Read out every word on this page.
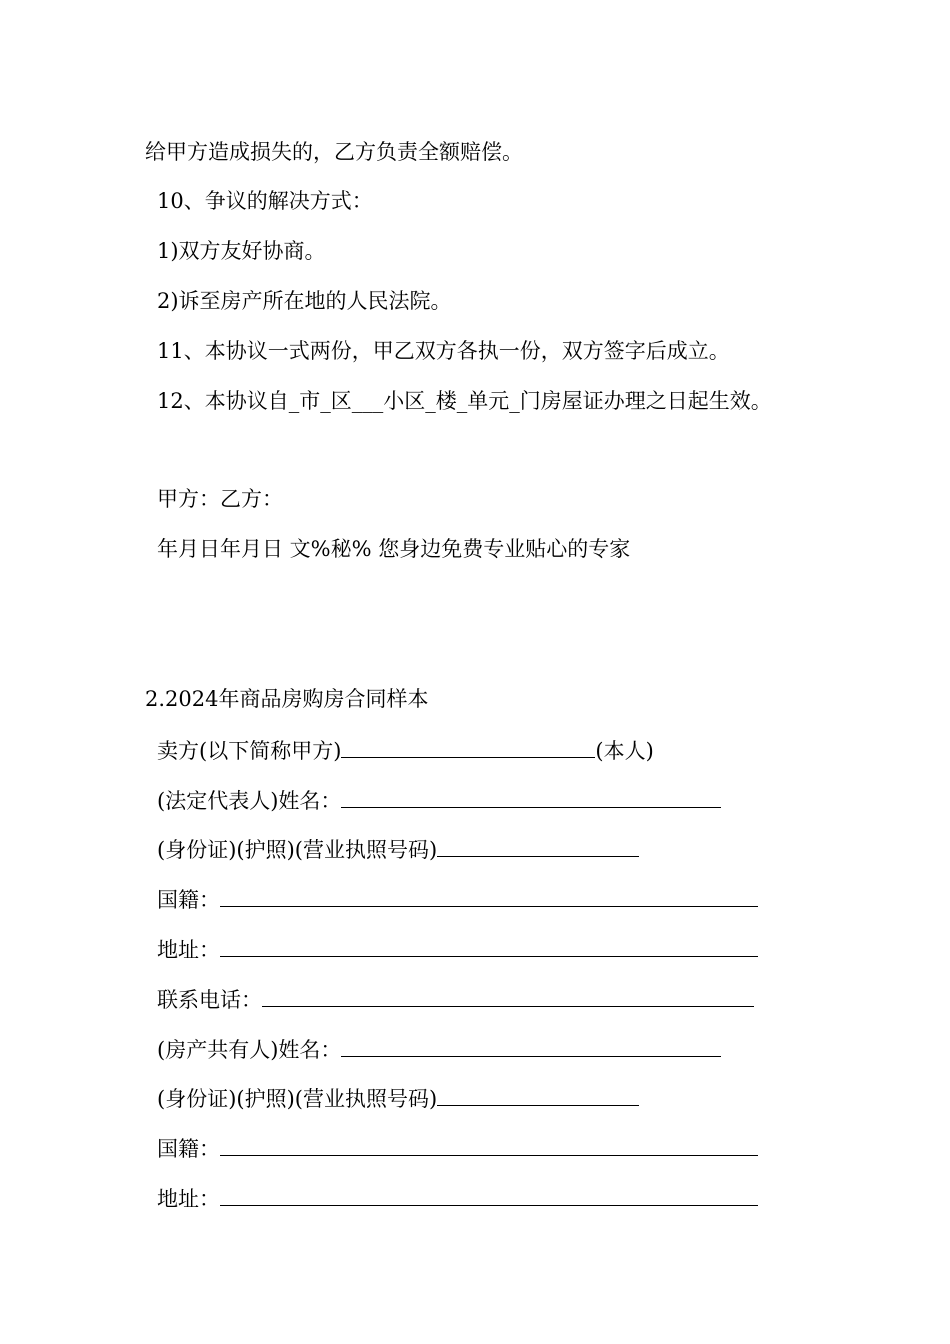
给甲方造成损失的，乙方负责全额赔偿。
10、争议的解决方式：
1)双方友好协商。
2)诉至房产所在地的人民法院。
11、本协议一式两份，甲乙双方各执一份，双方签字后成立。
12、本协议自_市_区___小区_楼_单元_门房屋证办理之日起生效。
甲方：乙方：
年月日年月日 文%秘% 您身边免费专业贴心的专家
2.2024年商品房购房合同样本
卖方(以下简称甲方)	(本人)
(法定代表人)姓名：
(身份证)(护照)(营业执照号码)
国籍：
地址：
联系电话：
(房产共有人)姓名：
(身份证)(护照)(营业执照号码)
国籍：
地址：
